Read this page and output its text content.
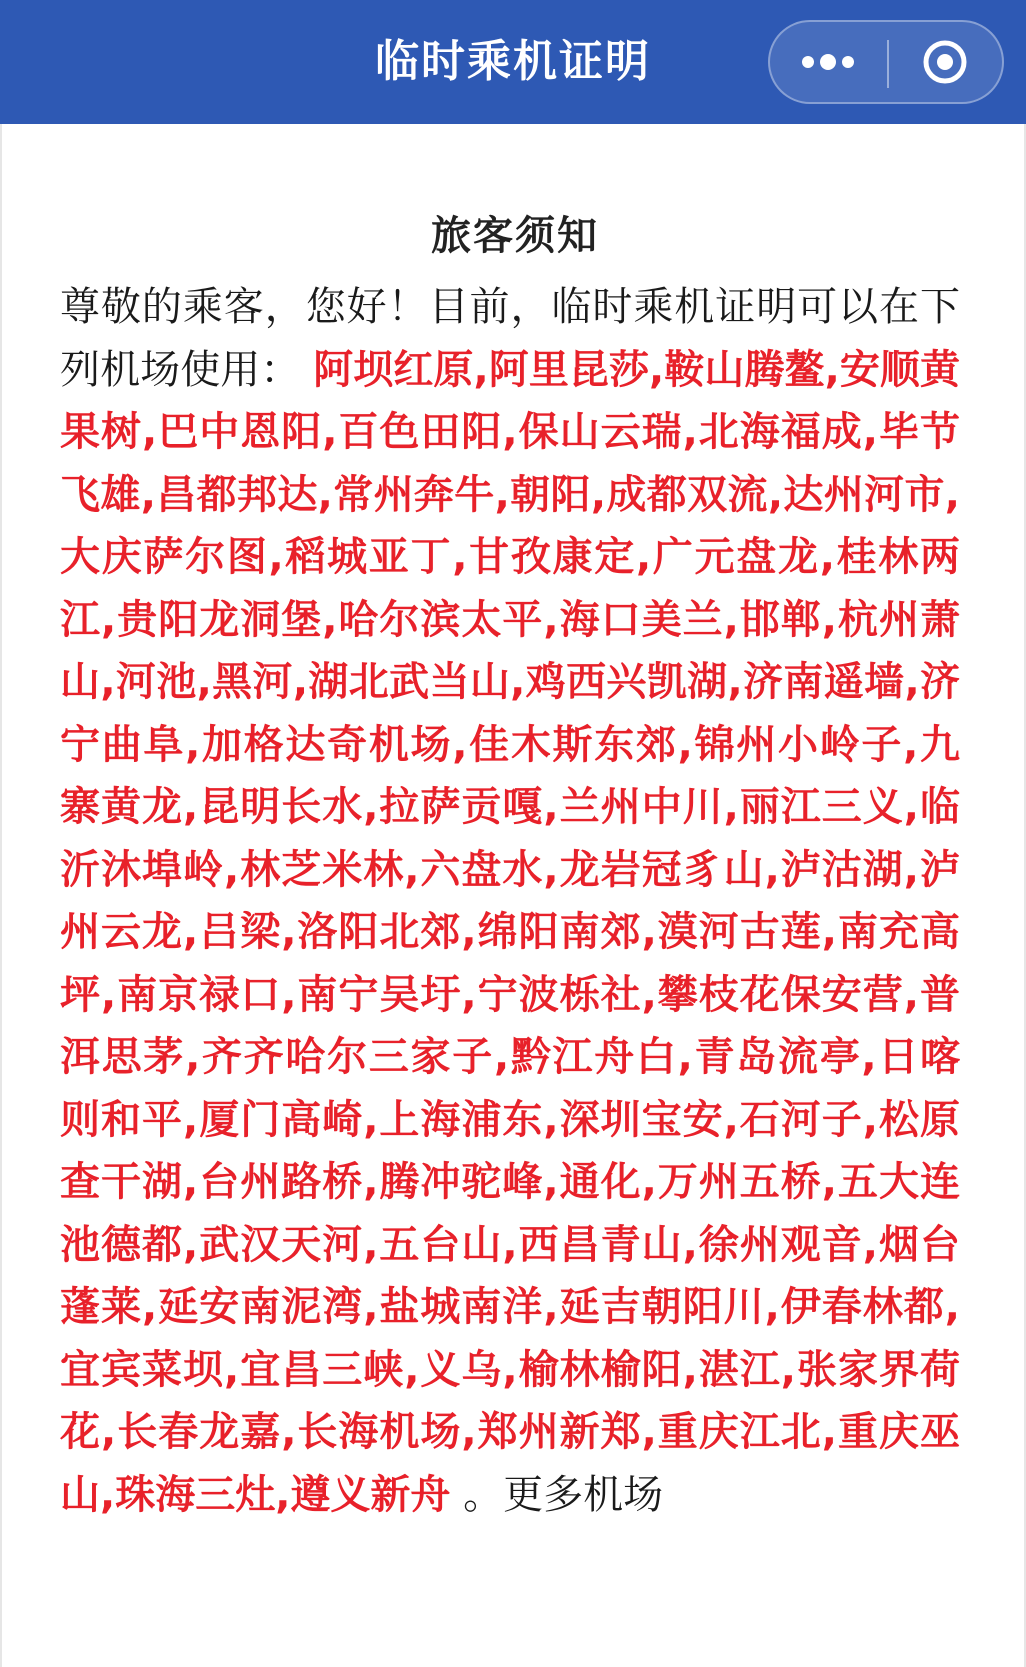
临时乘机证明
旅客须知
尊敬的乘客，您好！目前，临时乘机证明可以在下列机场使用： 阿坝红原,阿里昆莎,鞍山腾鳌,安顺黄果树,巴中恩阳,百色田阳,保山云瑞,北海福成,毕节飞雄,昌都邦达,常州奔牛,朝阳,成都双流,达州河市,大庆萨尔图,稻城亚丁,甘孜康定,广元盘龙,桂林两江,贵阳龙洞堡,哈尔滨太平,海口美兰,邯郸,杭州萧山,河池,黑河,湖北武当山,鸡西兴凯湖,济南遥墙,济宁曲阜,加格达奇机场,佳木斯东郊,锦州小岭子,九寨黄龙,昆明长水,拉萨贡嘎,兰州中川,丽江三义,临沂沐埠岭,林芝米林,六盘水,龙岩冠豸山,泸沽湖,泸州云龙,吕梁,洛阳北郊,绵阳南郊,漠河古莲,南充高坪,南京禄口,南宁吴圩,宁波栎社,攀枝花保安营,普洱思茅,齐齐哈尔三家子,黔江舟白,青岛流亭,日喀则和平,厦门高崎,上海浦东,深圳宝安,石河子,松原查干湖,台州路桥,腾冲驼峰,通化,万州五桥,五大连池德都,武汉天河,五台山,西昌青山,徐州观音,烟台蓬莱,延安南泥湾,盐城南洋,延吉朝阳川,伊春林都,宜宾菜坝,宜昌三峡,义乌,榆林榆阳,湛江,张家界荷花,长春龙嘉,长海机场,郑州新郑,重庆江北,重庆巫山,珠海三灶,遵义新舟 。更多机场
